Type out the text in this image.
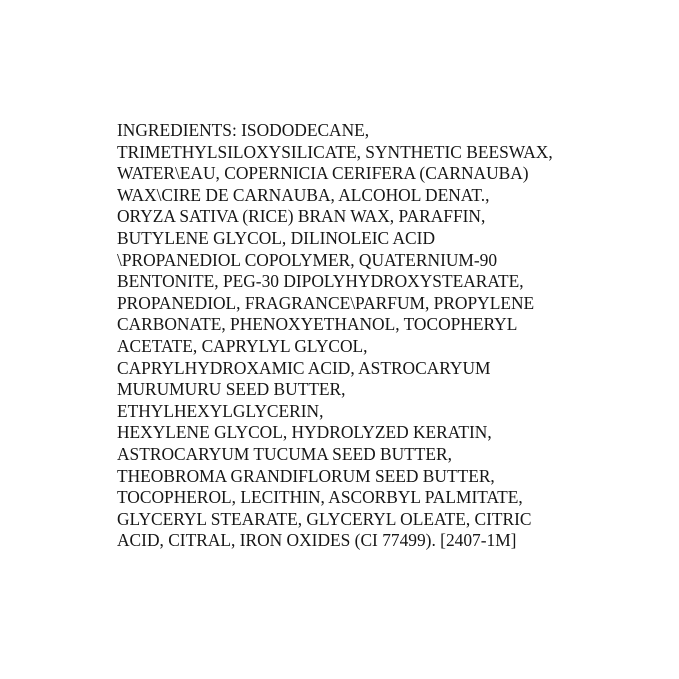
INGREDIENTS: ISODODECANE,
TRIMETHYLSILOXYSILICATE, SYNTHETIC BEESWAX,
WATER\EAU, COPERNICIA CERIFERA (CARNAUBA)
WAX\CIRE DE CARNAUBA, ALCOHOL DENAT.,
ORYZA SATIVA (RICE) BRAN WAX, PARAFFIN,
BUTYLENE GLYCOL, DILINOLEIC ACID
\PROPANEDIOL COPOLYMER, QUATERNIUM-90
BENTONITE, PEG-30 DIPOLYHYDROXYSTEARATE,
PROPANEDIOL, FRAGRANCE\PARFUM, PROPYLENE
CARBONATE, PHENOXYETHANOL, TOCOPHERYL
ACETATE, CAPRYLYL GLYCOL,
CAPRYLHYDROXAMIC ACID, ASTROCARYUM
MURUMURU SEED BUTTER,
ETHYLHEXYLGLYCERIN,
HEXYLENE GLYCOL, HYDROLYZED KERATIN,
ASTROCARYUM TUCUMA SEED BUTTER,
THEOBROMA GRANDIFLORUM SEED BUTTER,
TOCOPHEROL, LECITHIN, ASCORBYL PALMITATE,
GLYCERYL STEARATE, GLYCERYL OLEATE, CITRIC
ACID, CITRAL, IRON OXIDES (CI 77499). [2407-1M]
